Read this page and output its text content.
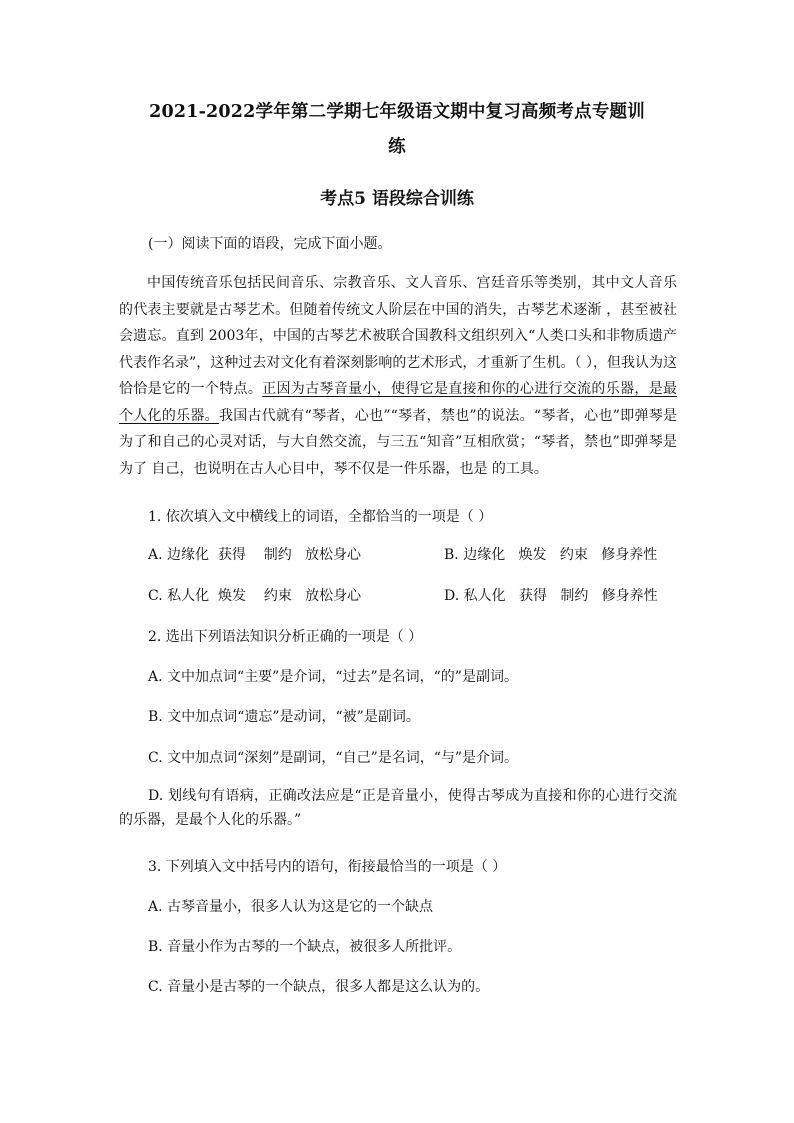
2021-2022学年第二学期七年级语文期中复习高频考点专题训
练
考点5 语段综合训练
(一）阅读下面的语段，完成下面小题。
中国传统音乐包括民间音乐、宗教音乐、文人音乐、宫廷音乐等类别，其中文人音乐的代表主要就是古琴艺术。但随着传统文人阶层在中国的消失，古琴艺术逐渐 ，甚至被社会遗忘。直到 2003年，中国的古琴艺术被联合国教科文组织列入“人类口头和非物质遗产代表作名录”，这种过去对文化有着深刻影响的艺术形式，才重新了生机。（ ），但我认为这恰恰是它的一个特点。正因为古琴音量小，使得它是直接和你的心进行交流的乐器，是最个人化的乐器。我国古代就有“琴者，心也”“琴者，禁也”的说法。“琴者，心也”即弹琴是为了和自己的心灵对话，与大自然交流，与三五“知音”互相欣赏；“琴者，禁也”即弹琴是为了 自己，也说明在古人心目中，琴不仅是一件乐器，也是 的工具。
1. 依次填入文中横线上的词语，全都恰当的一项是（ ）
A. 边缘化  获得    制约   放松身心	B. 边缘化   焕发   约束   修身养性
C. 私人化  焕发    约束   放松身心	D. 私人化   获得   制约   修身养性
2. 选出下列语法知识分析正确的一项是（ ）
A. 文中加点词“主要”是介词，“过去”是名词，“的”是副词。
B. 文中加点词“遗忘”是动词，“被”是副词。
C. 文中加点词“深刻”是副词，“自己”是名词，“与”是介词。
D. 划线句有语病，正确改法应是“正是音量小，使得古琴成为直接和你的心进行交流的乐器，是最个人化的乐器。”
3. 下列填入文中括号内的语句，衔接最恰当的一项是（ ）
A. 古琴音量小，很多人认为这是它的一个缺点
B. 音量小作为古琴的一个缺点，被很多人所批评。
C. 音量小是古琴的一个缺点，很多人都是这么认为的。
